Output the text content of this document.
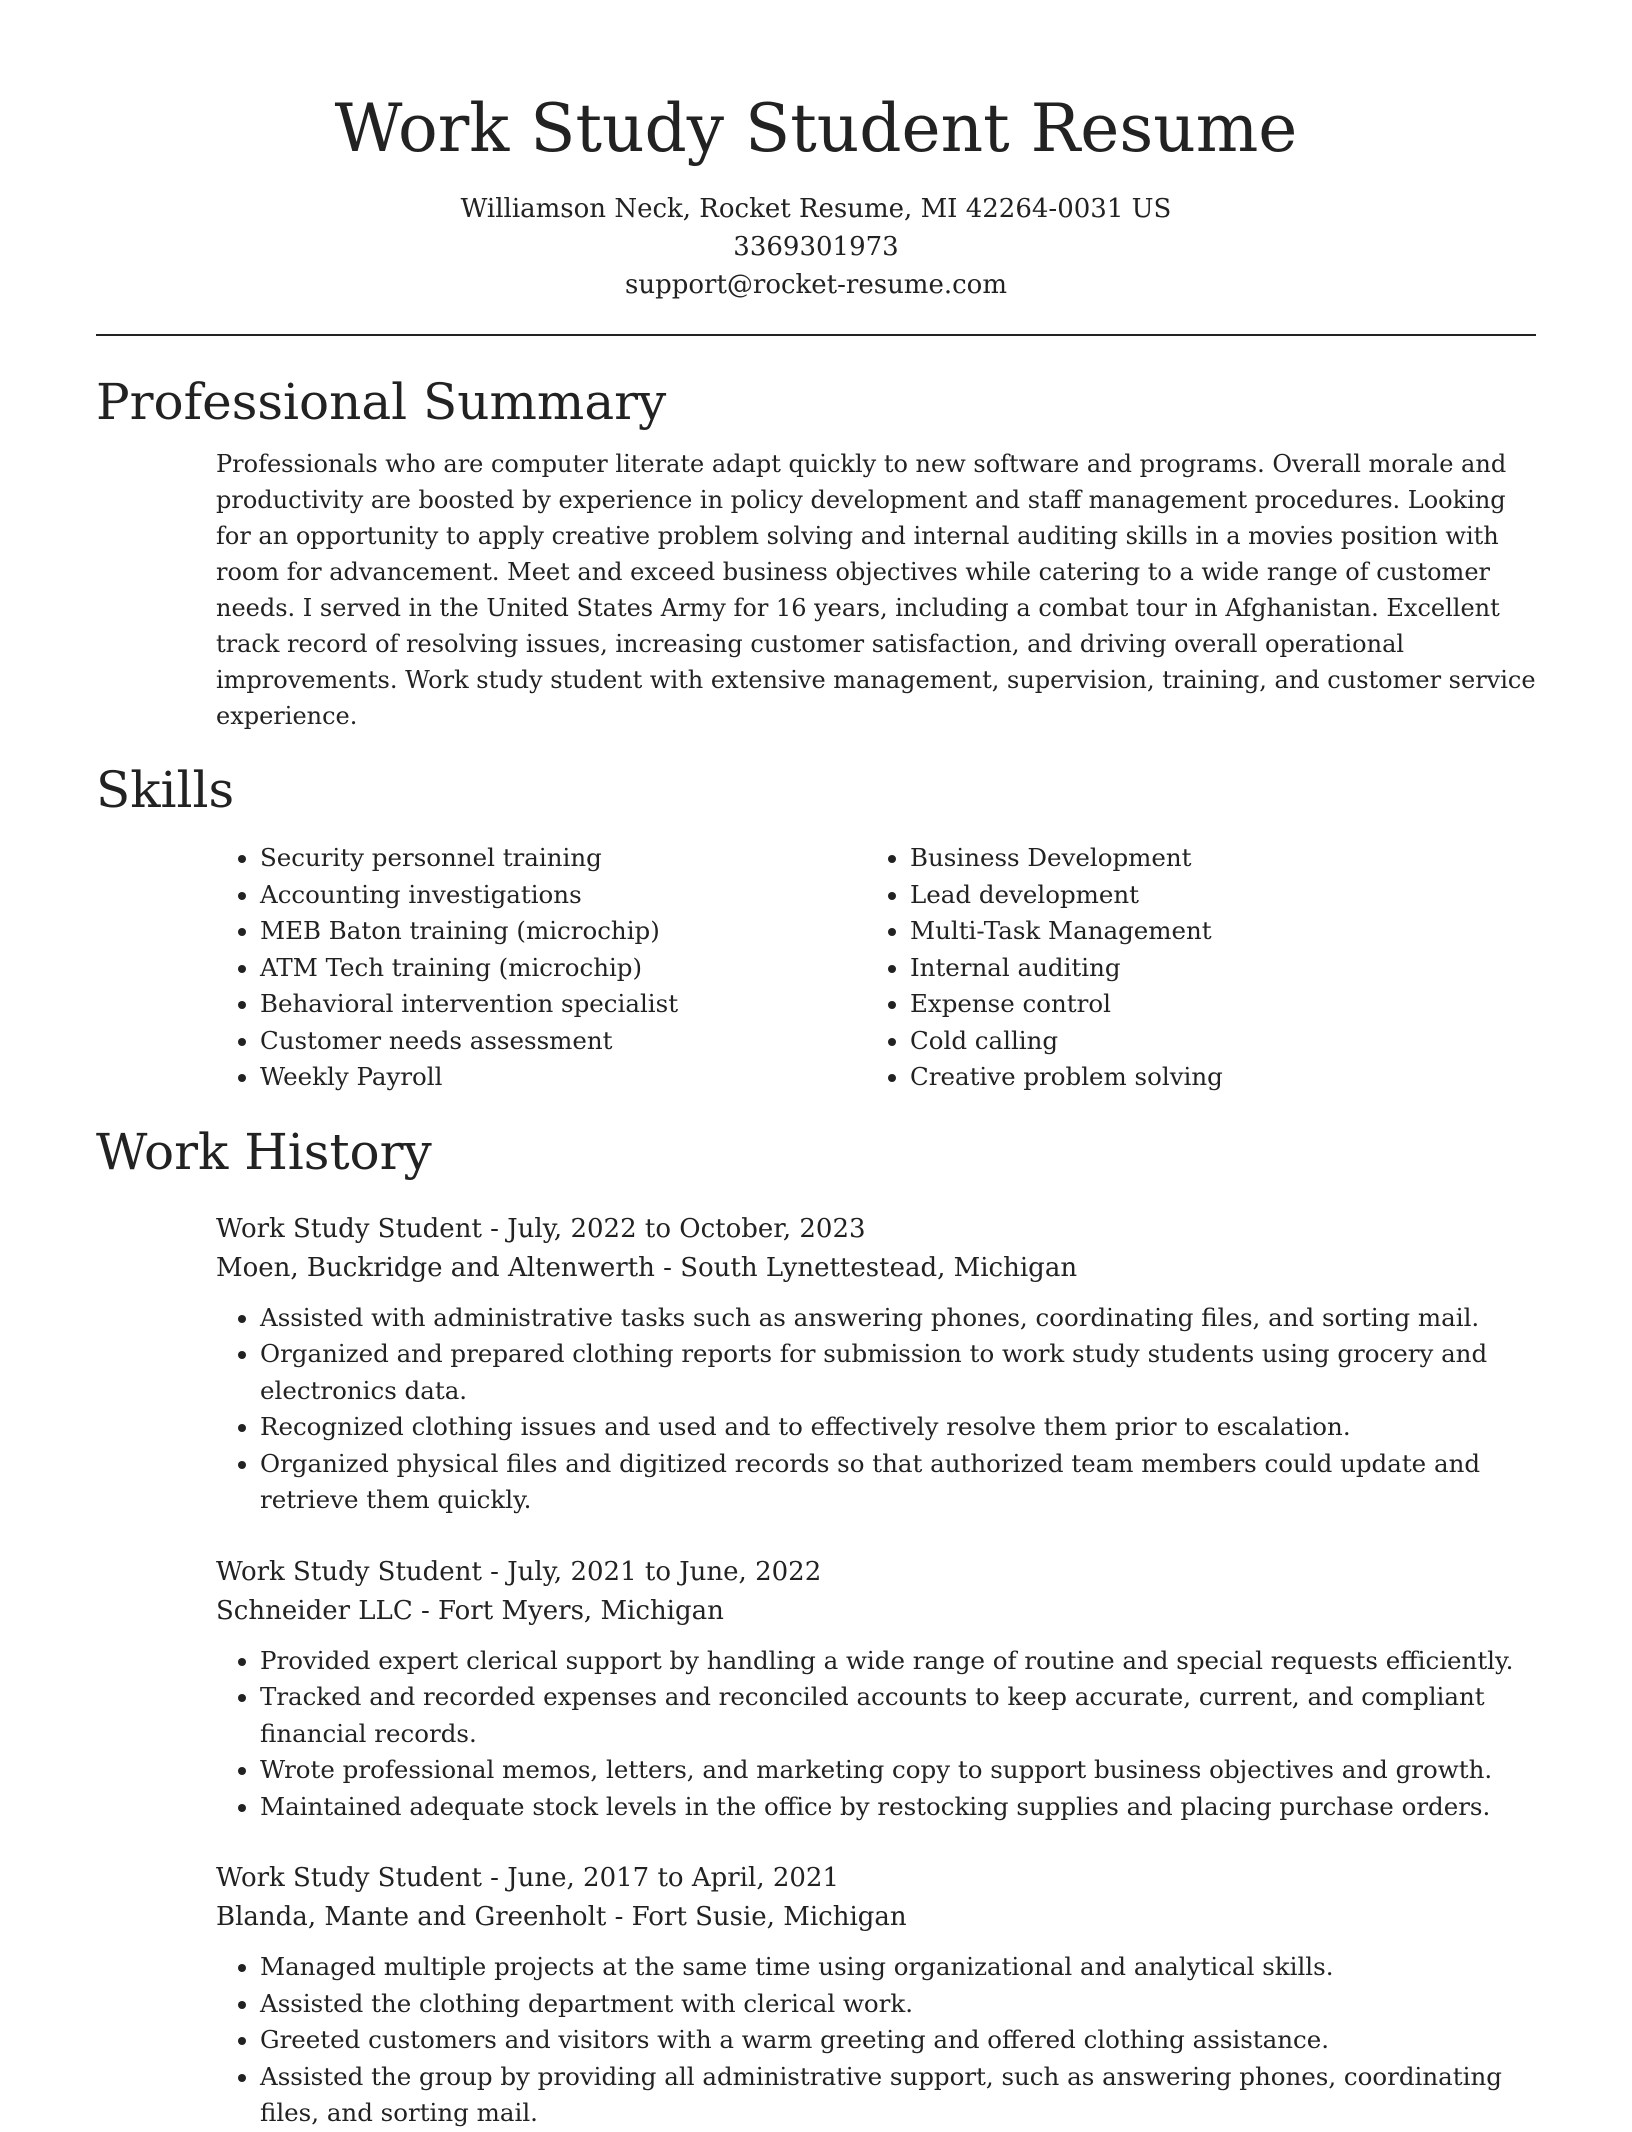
Work Study Student Resume
Williamson Neck, Rocket Resume, MI 42264-0031 US
3369301973
support@rocket-resume.com
Professional Summary

Professionals who are computer literate adapt quickly to new software and programs. Overall morale and productivity are boosted by experience in policy development and staff management procedures. Looking for an opportunity to apply creative problem solving and internal auditing skills in a movies position with room for advancement. Meet and exceed business objectives while catering to a wide range of customer needs. I served in the United States Army for 16 years, including a combat tour in Afghanistan. Excellent track record of resolving issues, increasing customer satisfaction, and driving overall operational improvements. Work study student with extensive management, supervision, training, and customer service experience.

Skills
• Security personnel training
• Accounting investigations
• MEB Baton training (microchip)
• ATM Tech training (microchip)
• Behavioral intervention specialist
• Customer needs assessment
• Weekly Payroll
• Business Development
• Lead development
• Multi-Task Management
• Internal auditing
• Expense control
• Cold calling
• Creative problem solving
Work History
Work Study Student - July, 2022 to October, 2023
Moen, Buckridge and Altenwerth - South Lynettestead, Michigan
• Assisted with administrative tasks such as answering phones, coordinating files, and sorting mail.
• Organized and prepared clothing reports for submission to work study students using grocery and electronics data.
• Recognized clothing issues and used and to effectively resolve them prior to escalation.
• Organized physical files and digitized records so that authorized team members could update and retrieve them quickly.
Work Study Student - July, 2021 to June, 2022
Schneider LLC - Fort Myers, Michigan
• Provided expert clerical support by handling a wide range of routine and special requests efficiently.
• Tracked and recorded expenses and reconciled accounts to keep accurate, current, and compliant financial records.
• Wrote professional memos, letters, and marketing copy to support business objectives and growth.
• Maintained adequate stock levels in the office by restocking supplies and placing purchase orders.
Work Study Student - June, 2017 to April, 2021
Blanda, Mante and Greenholt - Fort Susie, Michigan
• Managed multiple projects at the same time using organizational and analytical skills.
• Assisted the clothing department with clerical work.
• Greeted customers and visitors with a warm greeting and offered clothing assistance.
• Assisted the group by providing all administrative support, such as answering phones, coordinating files, and sorting mail.
